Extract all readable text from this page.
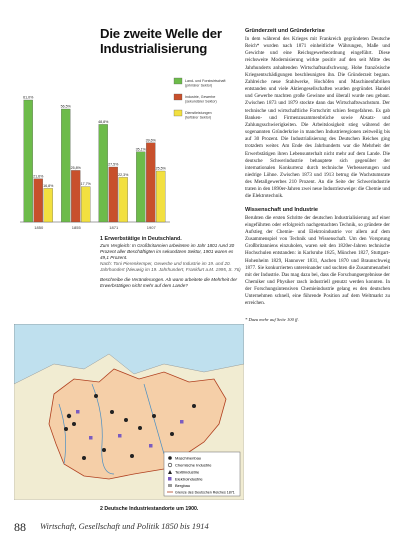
Die zweite Welle der
Industrialisierung
61,0%
21,6%
16,8%
1850
56,5%
25,8%
17,7%
1855
48,8%
27,5%
22,3%
1871
35,1%
39,6%
25,5%
1907
Land- und Forstwirtschaft (primärer Sektor)
Industrie, Gewerbe (sekundärer Sektor)
Dienstleistungen (tertiärer Sektor)
1 Erwerbstätige in Deutschland.
Zum Vergleich: In Großbritannien arbeiteten im Jahr 1801 rund 30 Prozent aller Beschäftigten im sekundären Sektor, 1901 waren es 49,1 Prozent.
Nach: Toni Pierenkemper, Gewerbe und Industrie im 19. und 20. Jahrhundert (Nieuwig im 19. Jahrhundert, Frankfurt a.M. 1995, S. 76)
Beschreibe die Veränderungen. Ab wann arbeitete die Mehrheit der Erwerbstätigen nicht mehr auf dem Lande?
Maschinenbau
Chemische Industrie
Textilindustrie
Elektroindustrie
Bergbau
Grenze des Deutschen Reiches 1871
2 Deutsche Industriestandorte um 1900.
Gründerzeit und Gründerkrise

In dem während des Krieges mit Frankreich gegründeten Deutsche Reich* wurden nach 1871 einheitliche Währungen, Maße und Gewichte und eine Reichsgewerbeordnung eingeführt. Diese reichsweite Modernisierung wirkte positiv auf den seit Mitte des Jahrhunderts anhaltenden Wirtschaftsaufschwung. Hohe französische Kriegsentschädigungen beschleunigten ihn. Die Gründerzeit begann. Zahlreiche neue Stahlwerke, Hochöfen und Maschinenfabriken entstanden und viele Aktiengesellschaften wurden gegründet. Handel und Gewerbe machten große Gewinne und überall wurde neu gebaut. Zwischen 1873 und 1879 stockte dann das Wirtschaftswachstum. Der technische und wirtschaftliche Fortschritt schien festgefahren. Es gab Banken- und Firmenzusammenbrüche sowie Absatz- und Zahlungsschwierigkeiten. Die Arbeitslosigkeit stieg während der sogenannten Gründerkrise in manchen Industrieregionen zeitweilig bis auf 30 Prozent. Die Industrialisierung des Deutschen Reiches ging trotzdem weiter. Am Ende des Jahrhunderts war die Mehrheit der Erwerbstätigen ihren Lebensunterhalt nicht mehr auf dem Lande. Die deutsche Schwerindustrie behauptete sich gegenüber der internationalen Konkurrenz durch technische Verbesserungen und niedrige Löhne. Zwischen 1873 und 1913 betrug die Wachstumsrate des Metallgewerbes 210 Prozent. An die Seite der Schwerindustrie traten in den 1890er-Jahren zwei neue Industriezweige: die Chemie und die Elektrotechnik.

Wissenschaft und Industrie

Beruhten die ersten Schritte der deutschen Industrialisierung auf einer eingeführten oder erfolgreich nachgemachten Technik, so gründete der Aufstieg der Chemie- und Elektroindustrie vor allem auf dem Zusammenspiel von Technik und Wissenschaft. Um den Vorsprung Großbritanniens einzuholen, waren seit den 1820er-Jahren technische Hochschulen entstanden: in Karlsruhe 1825, München 1827, Stuttgart-Hohenheim 1829, Hannover 1831, Aachen 1870 und Braunschweig 1877. Sie konkurrierten untereinander und suchten die Zusammenarbeit mit der Industrie. Das mag dazu bei, dass die Forschungsergebnisse der Chemiker und Physiker rasch industriell genutzt werden konnten. In der Forschungsintensiven Chemieindustrie gelang es den deutschen Unternehmen schnell, eine führende Position auf dem Weltmarkt zu erreichen.

* Dazu mehr auf Seite 100 ff.
88 Wirtschaft, Gesellschaft und Politik 1850 bis 1914
